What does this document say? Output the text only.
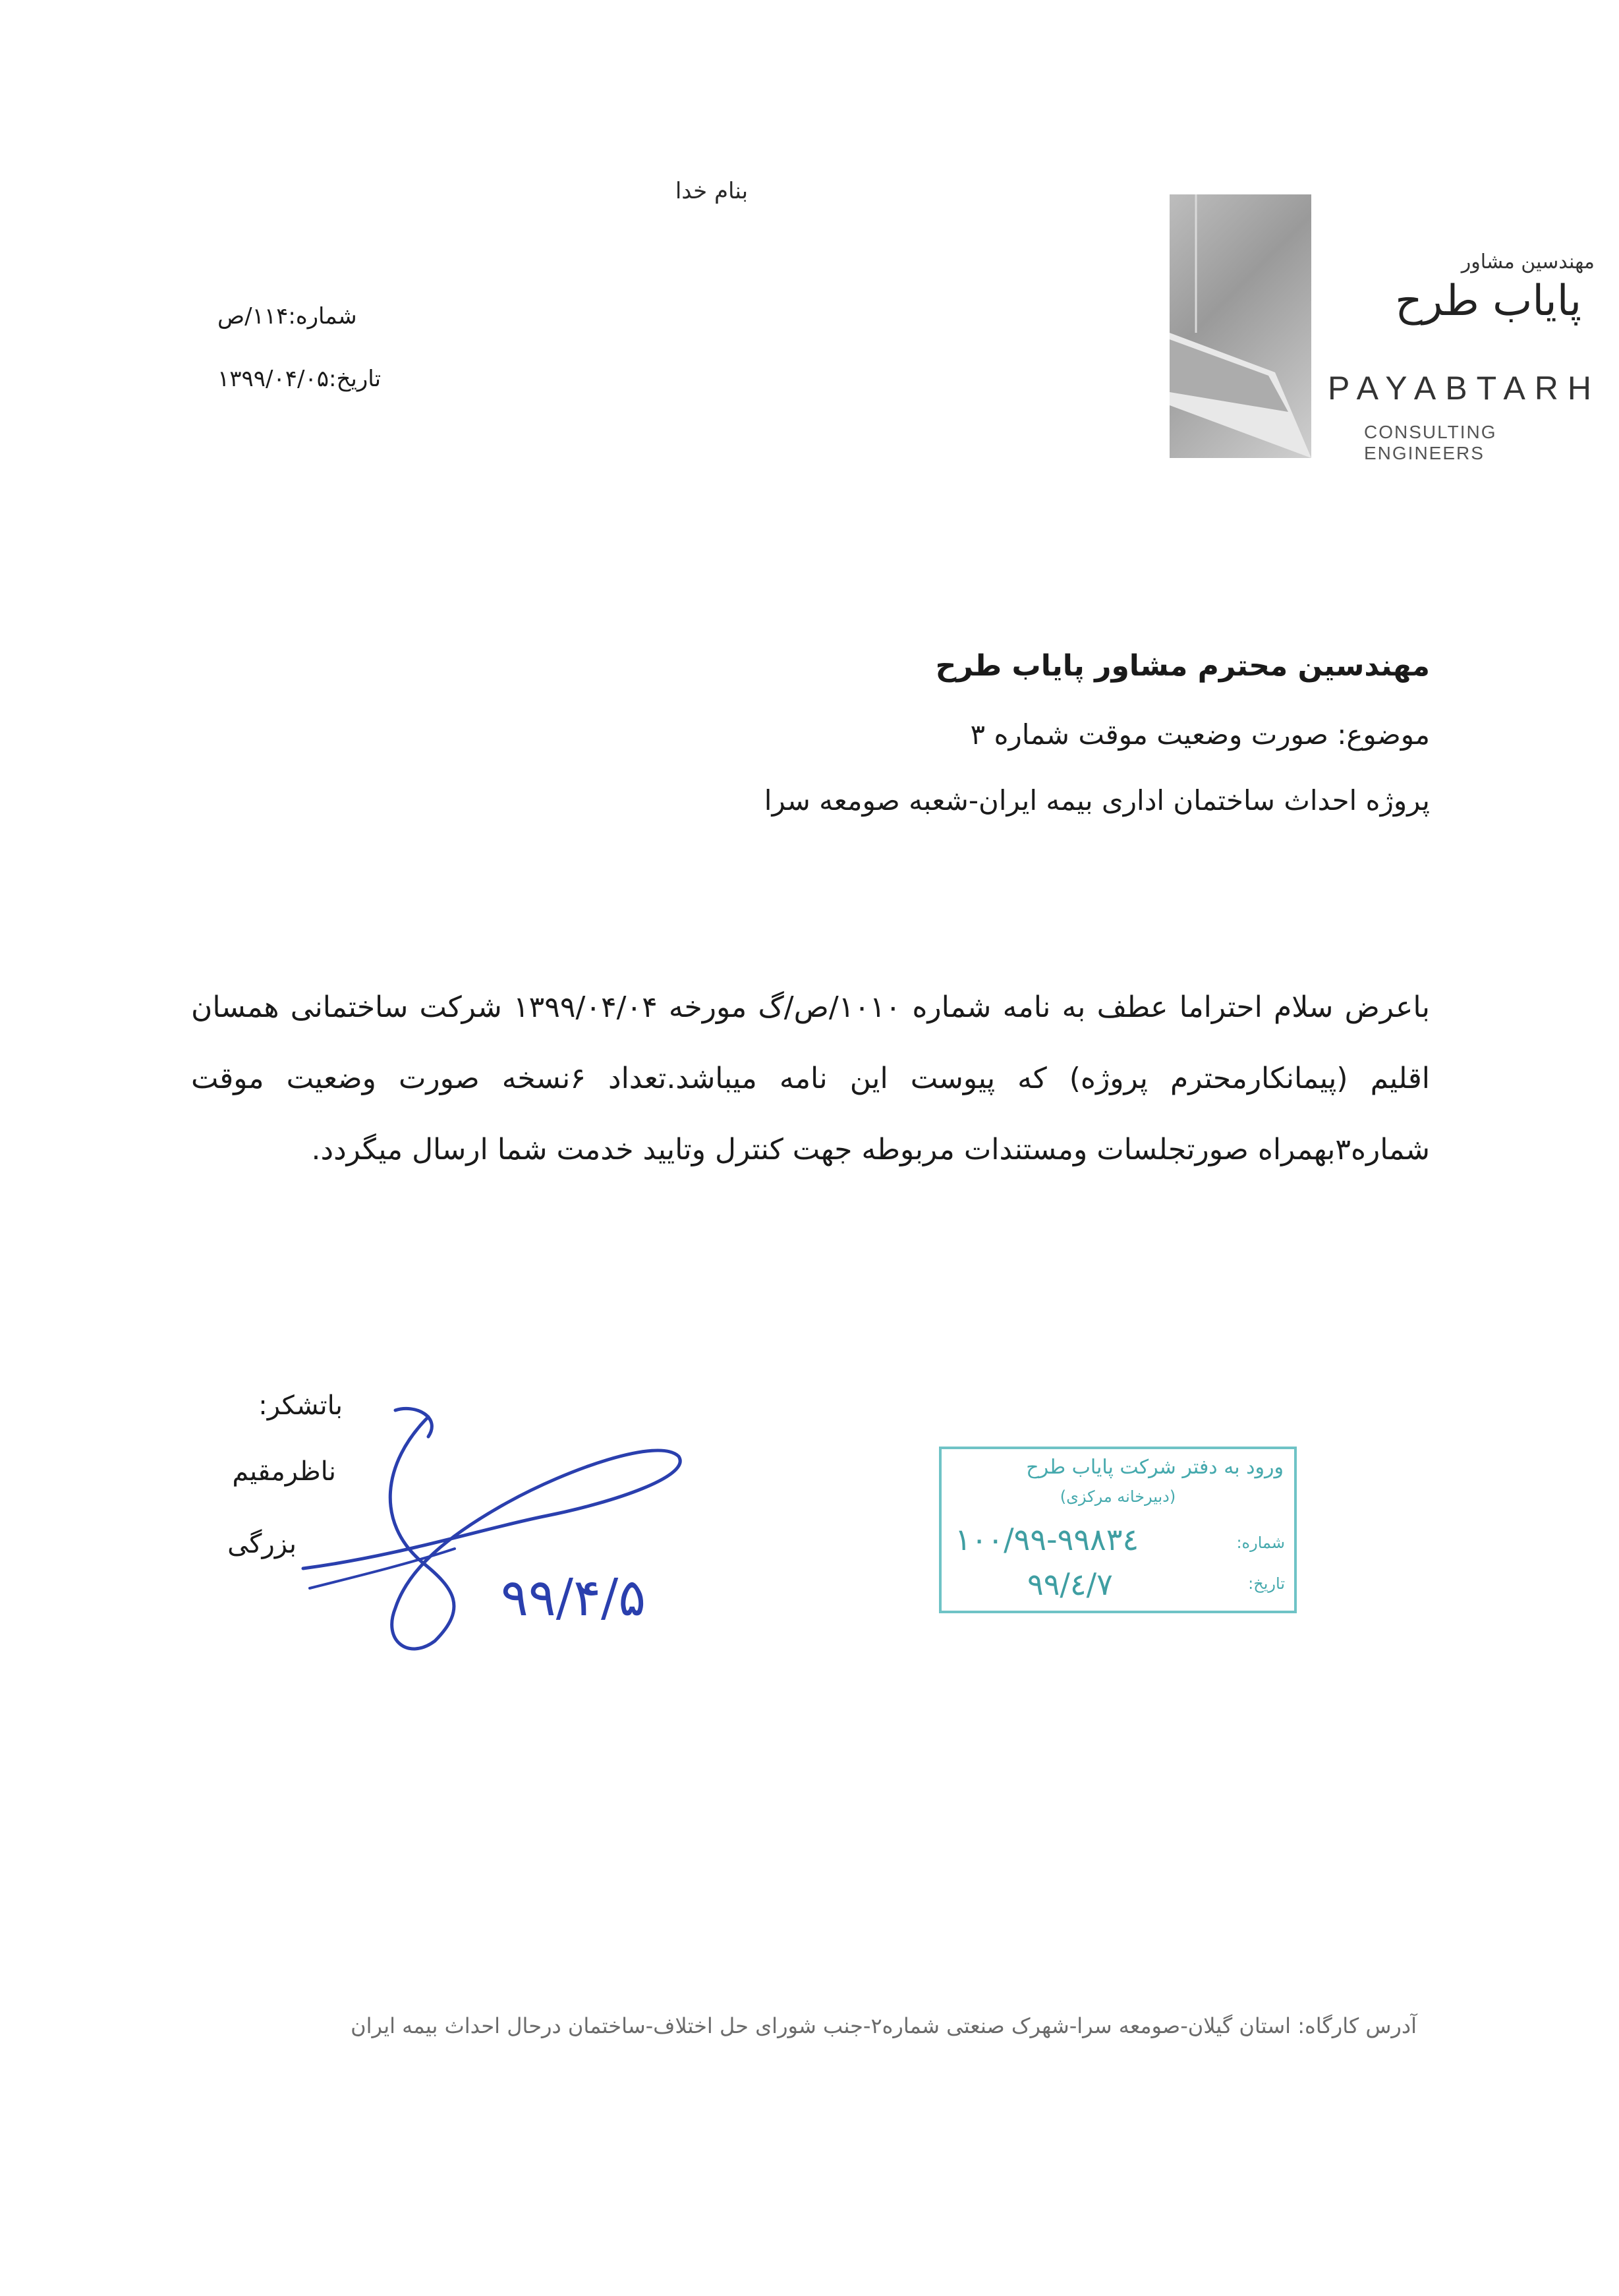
بنام خدا
شماره:۱۱۴/ص
تاریخ:۱۳۹۹/۰۴/۰۵
مهندسین مشاور
پایاب طرح
PAYABTARH
CONSULTING ENGINEERS
مهندسین محترم مشاور پایاب طرح
موضوع: صورت وضعیت موقت شماره ۳
پروژه احداث ساختمان اداری بیمه ایران-شعبه صومعه سرا
باعرض سلام احتراما عطف به نامه شماره ۱۰۱۰/ص/گ مورخه ۱۳۹۹/۰۴/۰۴ شرکت ساختمانی همسان اقلیم (پیمانکارمحترم پروژه) که پیوست این نامه میباشد.تعداد ۶نسخه صورت وضعیت موقت شماره۳بهمراه صورتجلسات ومستندات مربوطه جهت کنترل وتایید خدمت شما ارسال میگردد.
باتشکر:
ناظرمقیم
بزرگی
۹۹/۴/۵
ورود به دفتر شرکت پایاب طرح
(دبیرخانه مرکزی)
شماره:
تاریخ:
۱۰۰/۹۹-۹۹۸۳٤
۹۹/٤/۷
آدرس کارگاه: استان گیلان-صومعه سرا-شهرک صنعتی شماره۲-جنب شورای حل اختلاف-ساختمان درحال احداث بیمه ایران
